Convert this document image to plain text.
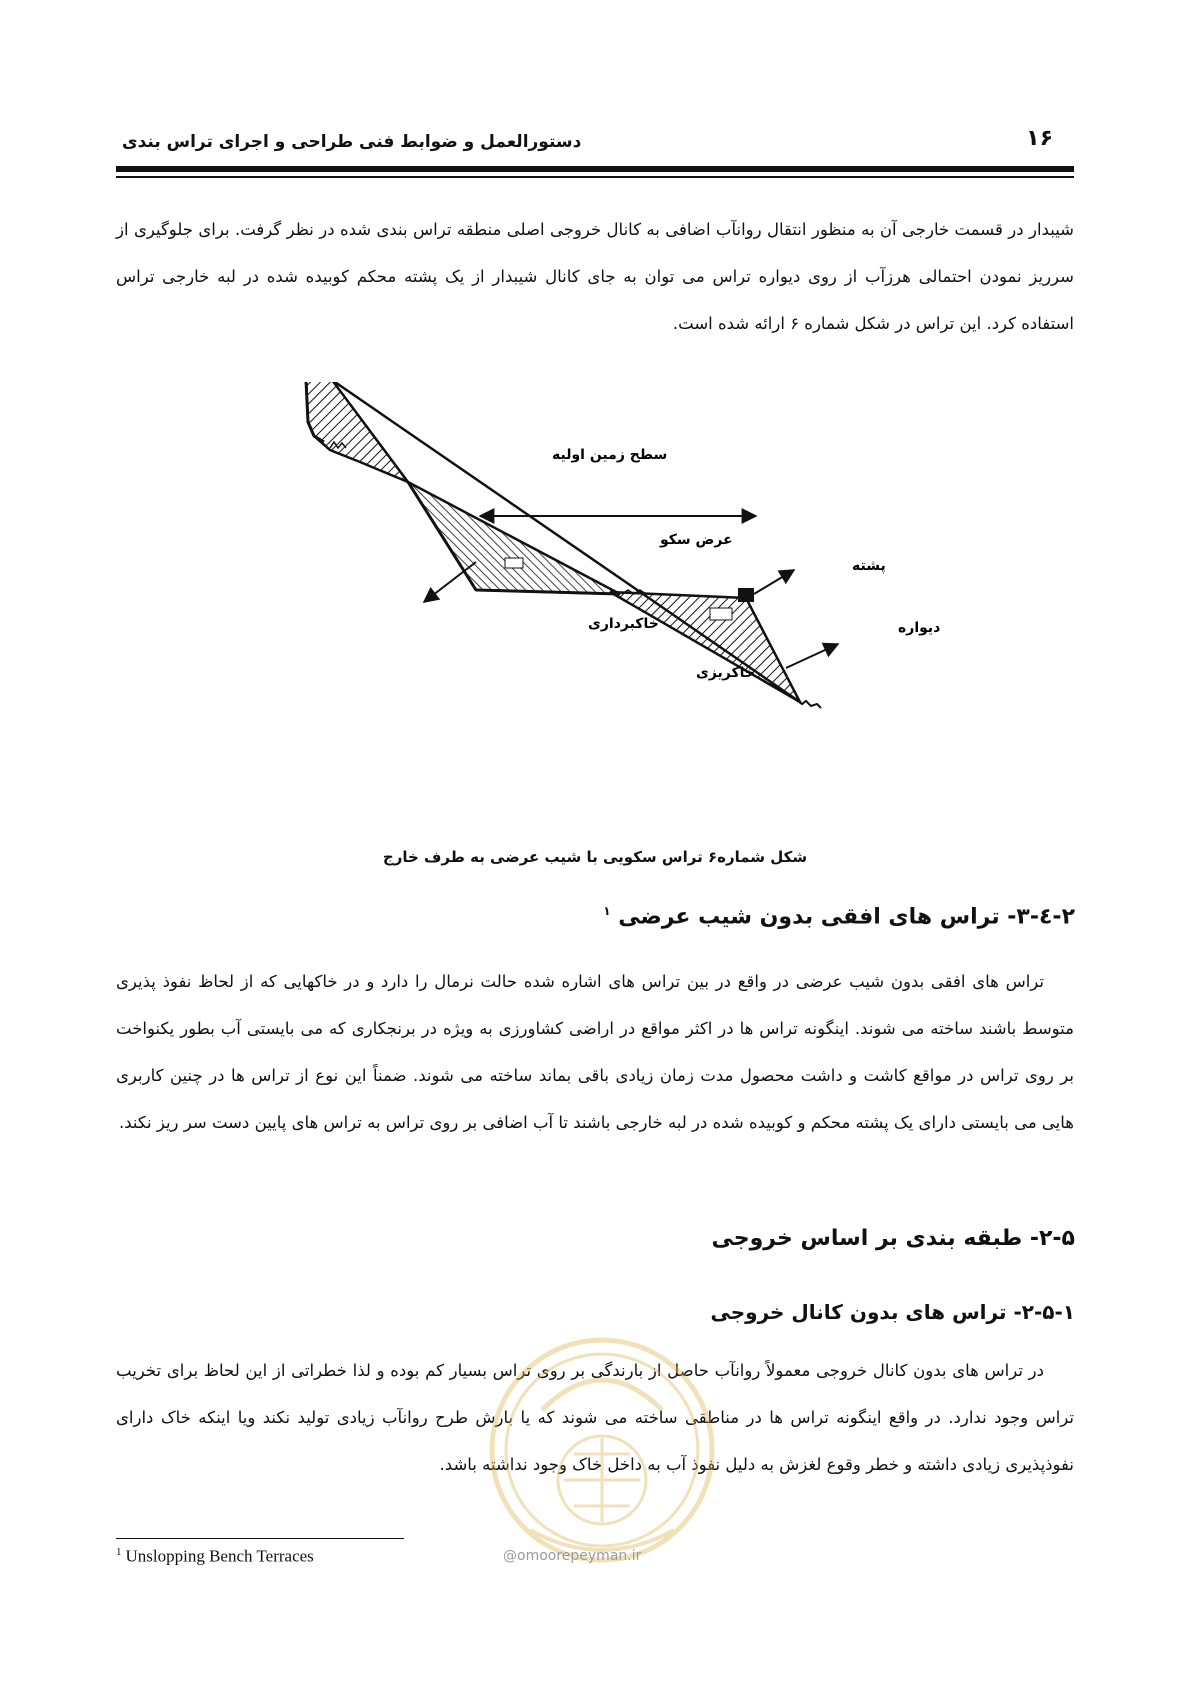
۱۶
دستورالعمل و ضوابط فنی طراحی و اجرای تراس بندی
شیبدار در قسمت خارجی آن به منظور انتقال روانآب اضافی به کانال خروجی اصلی منطقه تراس بندی شده در نظر گرفت. برای جلوگیری از سرریز نمودن احتمالی هرزآب از روی دیواره تراس می توان به جای کانال شیبدار از یک پشته محکم کوبیده شده در لبه خارجی تراس استفاده کرد. این تراس در شکل شماره ۶ ارائه شده است.
سطح زمین اولیه
عرض سکو
پشته
خاکبرداری	دیواره
خاکریزی
شکل شماره۶ تراس سکویی با شیب عرضی به طرف خارج
۲-٤-۳- تراس های افقی بدون شیب عرضی $^۱$
تراس های افقی بدون شیب عرضی در واقع در بین تراس های اشاره شده حالت نرمال را دارد و در خاکهایی که از لحاظ نفوذ پذیری متوسط باشند ساخته می شوند. اینگونه تراس ها در اکثر مواقع در اراضی کشاورزی به ویژه در برنجکاری که می بایستی آب بطور یکنواخت بر روی تراس در مواقع کاشت و داشت محصول مدت زمان زیادی باقی بماند ساخته می شوند. ضمناً این نوع از تراس ها در چنین کاربری هایی می بایستی دارای یک پشته محکم و کوبیده شده در لبه خارجی باشند تا آب اضافی بر روی تراس به تراس های پایین دست سر ریز نکند.
۲-۵- طبقه بندی بر اساس خروجی
۲-۵-۱- تراس های بدون کانال خروجی
در تراس های بدون کانال خروجی معمولاً روانآب حاصل از بارندگی بر روی تراس بسیار کم بوده و لذا خطراتی از این لحاظ برای تخریب تراس وجود ندارد. در واقع اینگونه تراس ها در مناطقی ساخته می شوند که یا بارش طرح روانآب زیادی تولید نکند ویا اینکه خاک دارای نفوذپذیری زیادی داشته و خطر وقوع لغزش به دلیل نفوذ آب به داخل خاک وجود نداشته باشد.
@omoorepeyman.ir
$^1$ Unslopping Bench Terraces
